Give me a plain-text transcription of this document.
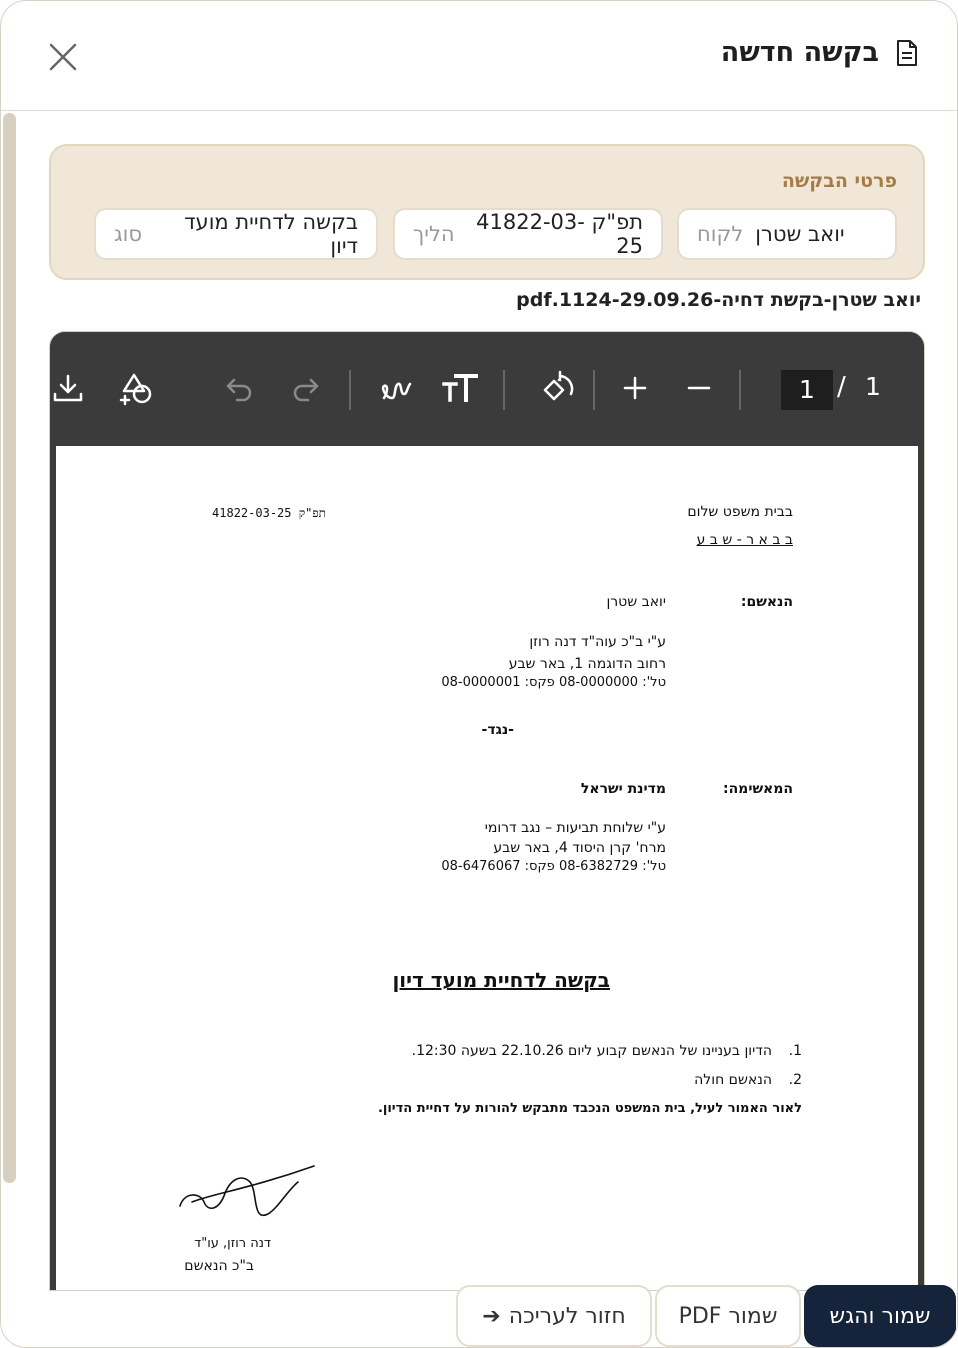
בקשה חדשה
פרטי הבקשה
לקוח יואב שטרן
הליך	תפ"ק 41822-03-25
סוג	בקשה לדחיית מועד דיון
יואב שטרן-בקשת דחיה-1124-29.09.26.pdf
1 / 1
בבית משפט שלום
ב ב א ר - ש ב ע
תפ"ק 41822-03-25
הנאשם:
יואב שטרן
ע"י ב"כ עוה"ד דנה רוזן
רחוב הדוגמה 1, באר שבע
טל': 08-0000000 פקס: 08-0000001
-נגד-
המאשימה:
מדינת ישראל
ע"י שלוחת תביעות – נגב דרומי
מרח' קרן היסוד 4, באר שבע
טל': 08-6382729 פקס: 08-6476067
בקשה לדחיית מועד דיון
1.
הדיון בעניינו של הנאשם קבוע ליום 22.10.26 בשעה 12:30.
2.
הנאשם חולה
לאור האמור לעיל, בית המשפט הנכבד מתבקש להורות על דחיית הדיון.
דנה רוזן, עו"ד
ב"כ הנאשם
שמור והגש
שמור PDF
חזור לעריכה
➔
